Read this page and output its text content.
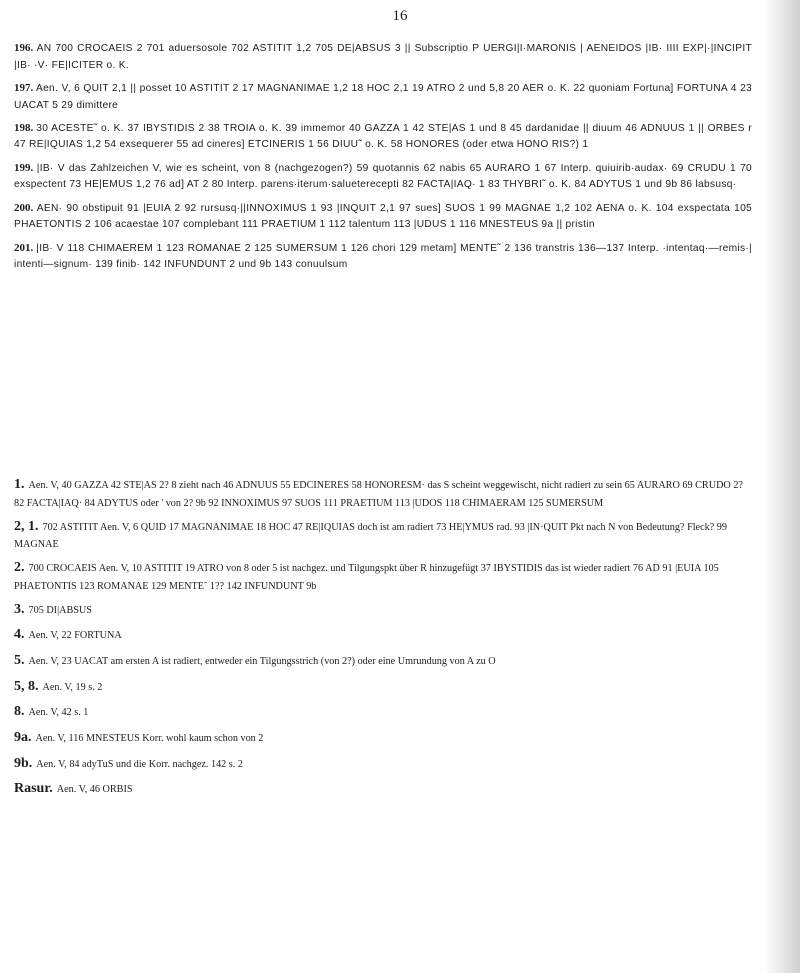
16

196. AN 700 CROCAEIS 2 701 aduersosole 702 ASTITIT 1,2 705 DE|ABSUS 3 || Subscriptio P UERGI|I·MARONIS | AENEIDOS |IB· IIII EXP|·|INCIPIT |IB· ·V· FE|ICITER o. K.

197. Aen. V, 6 QUIT 2,1 || posset 10 ASTITIT 2 17 MAGNANIMAE 1,2 18 HOC 2,1 19 ATRO 2 und 5,8 20 AER o. K. 22 quoniam Fortuna] FORTUNA 4 23 UACAT 5 29 dimittere

198. 30 ACESTE˜ o. K. 37 IBYSTIDIS 2 38 TROIA o. K. 39 immemor 40 GAZZA 1 42 STE|AS 1 und 8 45 dardanidae || diuum 46 ADNUUS 1 || ORBES r 47 RE|IQUIAS 1,2 54 exsequerer 55 ad cineres] ETCINERIS 1 56 DIUU˜ o. K. 58 HONORES (oder etwa HONO RIS?) 1

199. |IB· V das Zahlzeichen V, wie es scheint, von 8 (nachgezogen?) 59 quotannis 62 nabis 65 AURARO 1 67 Interp. quiuirib·audax· 69 CRUDU 1 70 exspectent 73 HE|EMUS 1,2 76 ad] AT 2 80 Interp. parens·iterum·salueterecepti 82 FACTA|IAQ· 1 83 THYBRI˜ o. K. 84 ADYTUS 1 und 9b 86 labsusq·

200. AEN· 90 obstipuit 91 |EUIA 2 92 rursusq·||INNOXIMUS 1 93 |INQUIT 2,1 97 sues] SUOS 1 99 MAGNAE 1,2 102 AENA o. K. 104 exspectata 105 PHAETONTIS 2 106 acaestae 107 complebant 111 PRAETIUM 1 112 talentum 113 |UDUS 1 116 MNESTEUS 9a || pristin

201. |IB· V 118 CHIMAEREM 1 123 ROMANAE 2 125 SUMERSUM 1 126 chori 129 metam] MENTE˜ 2 136 transtris 136—137 Interp. ·intentaq·—remis·| intenti—signum· 139 finib· 142 INFUNDUNT 2 und 9b 143 conuulsum

1. Aen. V, 40 GAZZA 42 STE|AS 2? 8 zieht nach 46 ADNUUS 55 EDCINERES 58 HONORESM· das S scheint weggewischt, nicht radiert zu sein 65 AURARO 69 CRUDO 2? 82 FACTA|IAQ· 84 ADYTUS oder ' von 2? 9b 92 INNOXIMUS 97 SUOS 111 PRAETIUM 113 |UDOS 118 CHIMAERAM 125 SUMERSUM

2, 1. 702 ASTITIT Aen. V, 6 QUID 17 MAGNANIMAE 18 HOC 47 RE|IQUIAS doch ist am radiert 73 HE|YMUS rad. 93 |IN·QUIT Pkt nach N von Bedeutung? Fleck? 99 MAGNAE

2. 700 CROCAEIS Aen. V, 10 ASTITIT 19 ATRO von 8 oder 5 ist nachgez. und Tilgungspkt über R hinzugefügt 37 IBYSTIDIS das ist wieder radiert 76 AD 91 |EUIA 105 PHAETONTIS 123 ROMANAE 129 MENTE˜ 1?? 142 INFUNDUNT 9b

3. 705 DI|ABSUS

4. Aen. V, 22 FORTUNA

5. Aen. V, 23 UACAT am ersten A ist radiert, entweder ein Tilgungsstrich (von 2?) oder eine Umrundung von A zu O

5, 8. Aen. V, 19 s. 2

8. Aen. V, 42 s. 1

9a. Aen. V, 116 MNESTEUS Korr. wohl kaum schon von 2

9b. Aen. V, 84 adyTuS und die Korr. nachgez. 142 s. 2

Rasur. Aen. V, 46 ORBIS
